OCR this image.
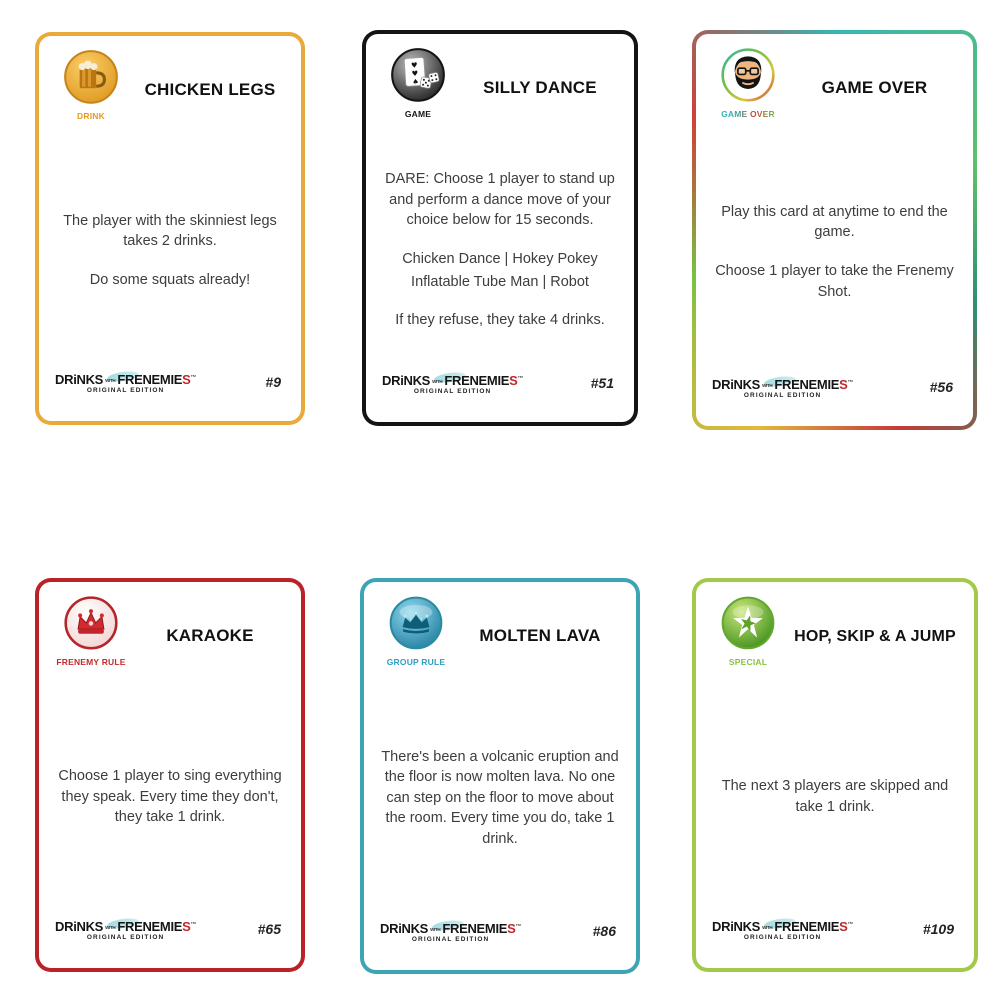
DRINK
CHICKEN LEGS

The player with the skinniest legs takes 2 drinks.

Do some squats already!

DRiNKS WITH FRENEMIES™
ORIGINAL EDITION
#9
♥
♥
♠
GAME
SILLY DANCE

DARE: Choose 1 player to stand up and perform a dance move of your choice below for 15 seconds.

Chicken Dance | Hokey Pokey

Inflatable Tube Man | Robot

If they refuse, they take 4 drinks.

DRiNKS WITH FRENEMIES™
ORIGINAL EDITION
#51
GAME OVER
GAME OVER

Play this card at anytime to end the game.

Choose 1 player to take the Frenemy Shot.

DRiNKS WITH FRENEMIES™
ORIGINAL EDITION
#56
FRENEMY RULE
KARAOKE

Choose 1 player to sing everything they speak. Every time they don't, they take 1 drink.

DRiNKS WITH FRENEMIES™
ORIGINAL EDITION
#65
GROUP RULE
MOLTEN LAVA

There's been a volcanic eruption and the floor is now molten lava. No one can step on the floor to move about the room. Every time you do, take 1 drink.

DRiNKS WITH FRENEMIES™
ORIGINAL EDITION
#86
SPECIAL
HOP, SKIP & A JUMP

The next 3 players are skipped and take 1 drink.

DRiNKS WITH FRENEMIES™
ORIGINAL EDITION
#109
